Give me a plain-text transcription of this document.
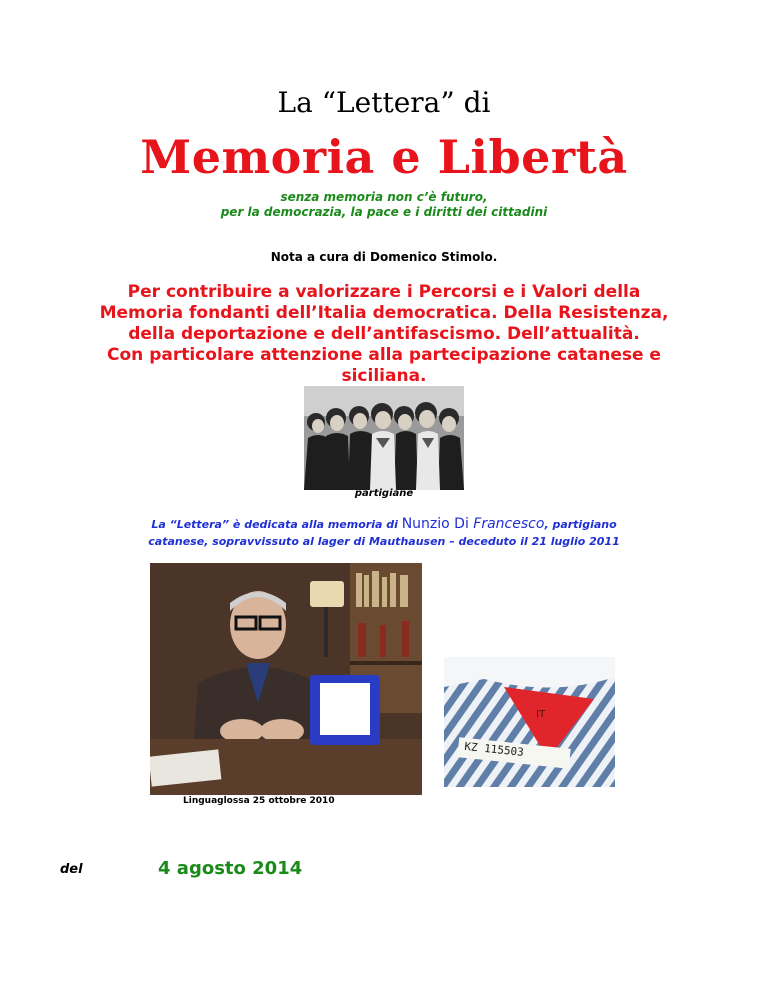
La “Lettera” di
Memoria e Libertà
senza memoria non c’è futuro,
per la democrazia, la pace e i diritti dei cittadini
Nota a cura di Domenico Stimolo.
Per contribuire a valorizzare i Percorsi e i Valori della
Memoria fondanti dell’Italia democratica. Della Resistenza,
della deportazione e dell’antifascismo. Dell’attualità.
Con particolare attenzione alla partecipazione catanese e
siciliana.
partigiane
La “Lettera” è dedicata alla memoria di Nunzio Di Francesco, partigiano
catanese, sopravvissuto al lager di Mauthausen – deceduto il 21 luglio 2011
Linguaglossa 25 ottobre 2010
IT
KZ 115503
del	4 agosto 2014
